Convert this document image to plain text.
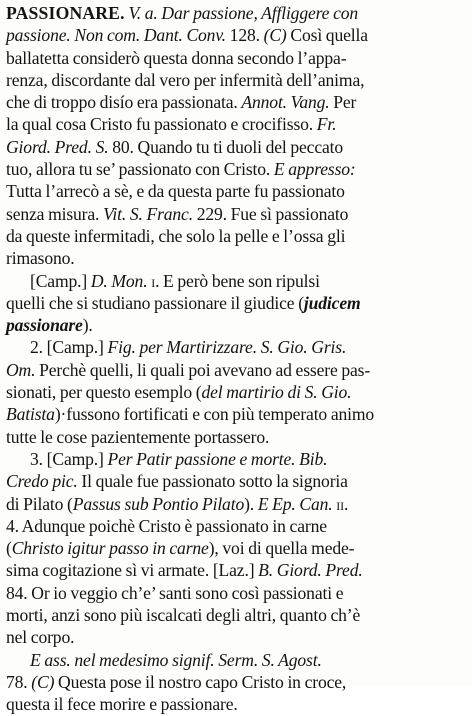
PASSIONARE. V. a. Dar passione, Affliggere con
passione. Non com. Dant. Conv. 128. (C) Così quella
ballatetta considerò questa donna secondo l’appa-
renza, discordante dal vero per infermità dell’anima,
che di troppo disío era passionata. Annot. Vang. Per
la qual cosa Cristo fu passionato e crocifisso. Fr.
Giord. Pred. S. 80. Quando tu ti duoli del peccato
tuo, allora tu se’ passionato con Cristo. E appresso:
Tutta l’arrecò a sè, e da questa parte fu passionato
senza misura. Vit. S. Franc. 229. Fue sì passionato
da queste infermitadi, che solo la pelle e l’ossa gli
rimasono.
[Camp.] D. Mon. i. E però bene son ripulsi
quelli che si studiano passionare il giudice (judicem
passionare).
2. [Camp.] Fig. per Martirizzare. S. Gio. Gris.
Om. Perchè quelli, li quali poi avevano ad essere pas-
sionati, per questo esemplo (del martirio di S. Gio.
Batista)·fussono fortificati e con più temperato animo
tutte le cose pazientemente portassero.
3. [Camp.] Per Patir passione e morte. Bib.
Credo pic. Il quale fue passionato sotto la signoria
di Pilato (Passus sub Pontio Pilato). E Ep. Can. ii.
4. Adunque poichè Cristo è passionato in carne
(Christo igitur passo in carne), voi di quella mede-
sima cogitazione sì vi armate. [Laz.] B. Giord. Pred.
84. Or io veggio ch’e’ santi sono così passionati e
morti, anzi sono più iscalcati degli altri, quanto ch’è
nel corpo.
E ass. nel medesimo signif. Serm. S. Agost.
78. (C) Questa pose il nostro capo Cristo in croce,
questa il fece morire e passionare.
